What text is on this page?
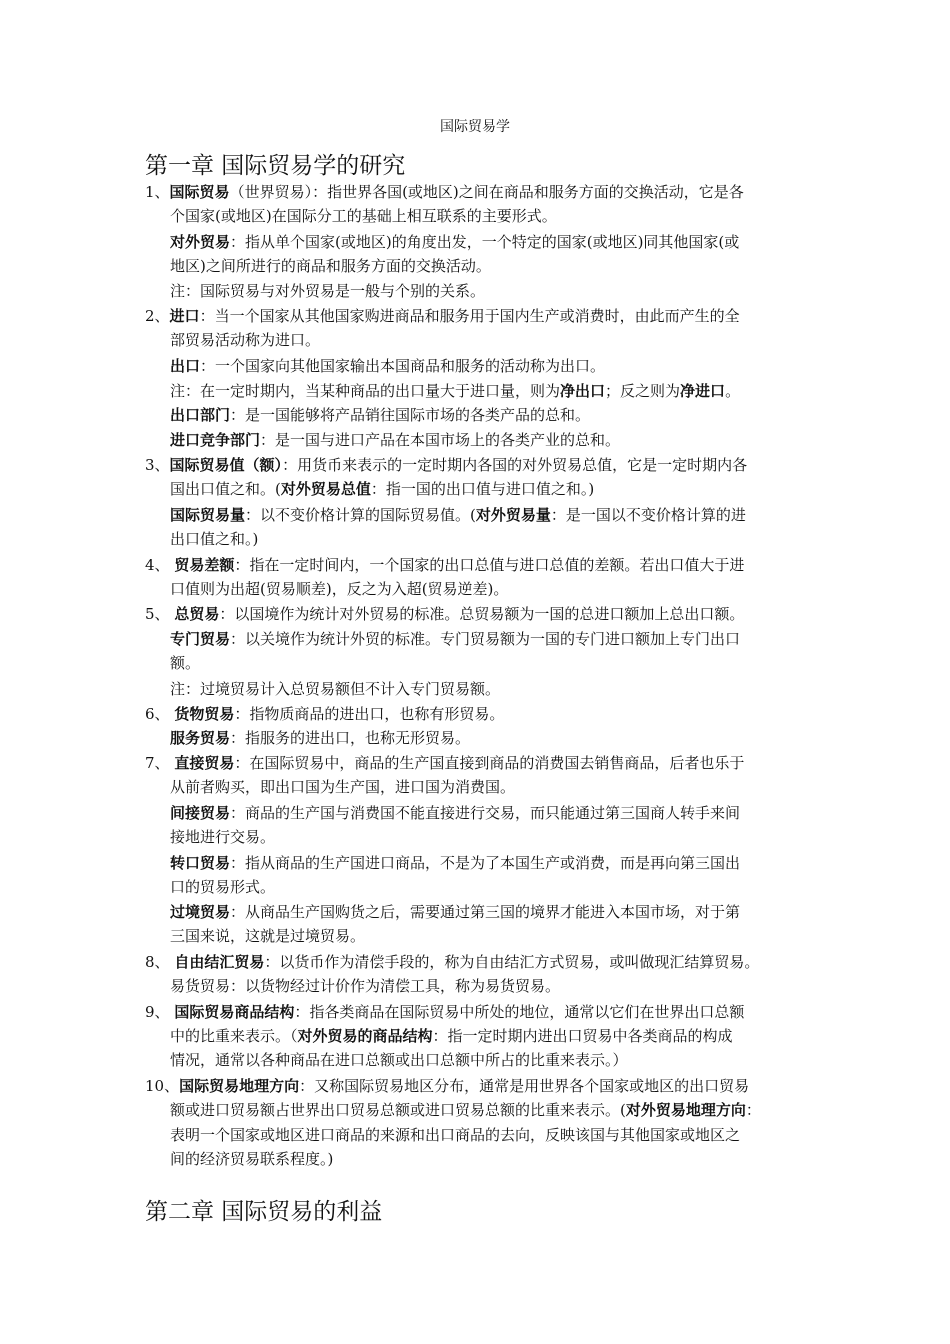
国际贸易学
第一章 国际贸易学的研究
1、国际贸易（世界贸易）：指世界各国(或地区)之间在商品和服务方面的交换活动，它是各
个国家(或地区)在国际分工的基础上相互联系的主要形式。
对外贸易：指从单个国家(或地区)的角度出发，一个特定的国家(或地区)同其他国家(或
地区)之间所进行的商品和服务方面的交换活动。
注：国际贸易与对外贸易是一般与个别的关系。
2、进口：当一个国家从其他国家购进商品和服务用于国内生产或消费时，由此而产生的全
部贸易活动称为进口。
出口：一个国家向其他国家输出本国商品和服务的活动称为出口。
注：在一定时期内，当某种商品的出口量大于进口量，则为净出口；反之则为净进口。
出口部门：是一国能够将产品销往国际市场的各类产品的总和。
进口竞争部门：是一国与进口产品在本国市场上的各类产业的总和。
3、国际贸易值（额）：用货币来表示的一定时期内各国的对外贸易总值，它是一定时期内各
国出口值之和。(对外贸易总值：指一国的出口值与进口值之和。)
国际贸易量：以不变价格计算的国际贸易值。(对外贸易量：是一国以不变价格计算的进
出口值之和。)
4、 贸易差额：指在一定时间内，一个国家的出口总值与进口总值的差额。若出口值大于进
口值则为出超(贸易顺差)，反之为入超(贸易逆差)。
5、 总贸易：以国境作为统计对外贸易的标准。总贸易额为一国的总进口额加上总出口额。
专门贸易：以关境作为统计外贸的标准。专门贸易额为一国的专门进口额加上专门出口
额。
注：过境贸易计入总贸易额但不计入专门贸易额。
6、 货物贸易：指物质商品的进出口，也称有形贸易。
服务贸易：指服务的进出口，也称无形贸易。
7、 直接贸易：在国际贸易中，商品的生产国直接到商品的消费国去销售商品，后者也乐于
从前者购买，即出口国为生产国，进口国为消费国。
间接贸易：商品的生产国与消费国不能直接进行交易，而只能通过第三国商人转手来间
接地进行交易。
转口贸易：指从商品的生产国进口商品，不是为了本国生产或消费，而是再向第三国出
口的贸易形式。
过境贸易：从商品生产国购货之后，需要通过第三国的境界才能进入本国市场，对于第
三国来说，这就是过境贸易。
8、 自由结汇贸易：以货币作为清偿手段的，称为自由结汇方式贸易，或叫做现汇结算贸易。
易货贸易：以货物经过计价作为清偿工具，称为易货贸易。
9、 国际贸易商品结构：指各类商品在国际贸易中所处的地位，通常以它们在世界出口总额
中的比重来表示。（对外贸易的商品结构：指一定时期内进出口贸易中各类商品的构成
情况，通常以各种商品在进口总额或出口总额中所占的比重来表示。）
10、国际贸易地理方向：又称国际贸易地区分布，通常是用世界各个国家或地区的出口贸易
额或进口贸易额占世界出口贸易总额或进口贸易总额的比重来表示。(对外贸易地理方向：
表明一个国家或地区进口商品的来源和出口商品的去向，反映该国与其他国家或地区之
间的经济贸易联系程度。)
第二章 国际贸易的利益
